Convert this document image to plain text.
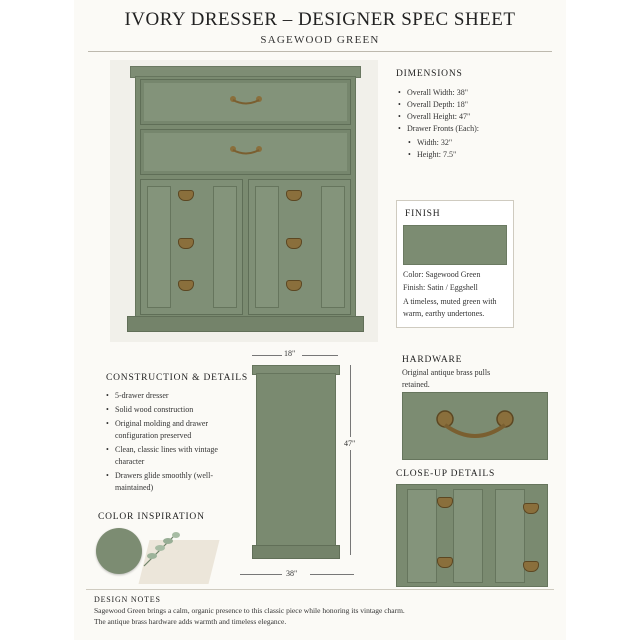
IVORY DRESSER – DESIGNER SPEC SHEET
SAGEWOOD GREEN
DIMENSIONS
• Overall Width: 38"
• Overall Depth: 18"
• Overall Height: 47"
• Drawer Fronts (Each):
• Width: 32"
• Height: 7.5"
FINISH
Color: Sagewood Green
Finish: Satin / Eggshell
A timeless, muted green with warm, earthy undertones.
CONSTRUCTION & DETAILS
• 5-drawer dresser
• Solid wood construction
• Original molding and drawer configuration preserved
• Clean, classic lines with vintage character
• Drawers glide smoothly (well-maintained)
18"
47"
38"
HARDWARE
Original antique brass pulls retained.
CLOSE-UP DETAILS
COLOR INSPIRATION
DESIGN NOTES
Sagewood Green brings a calm, organic presence to this classic piece while honoring its vintage charm.
The antique brass hardware adds warmth and timeless elegance.
